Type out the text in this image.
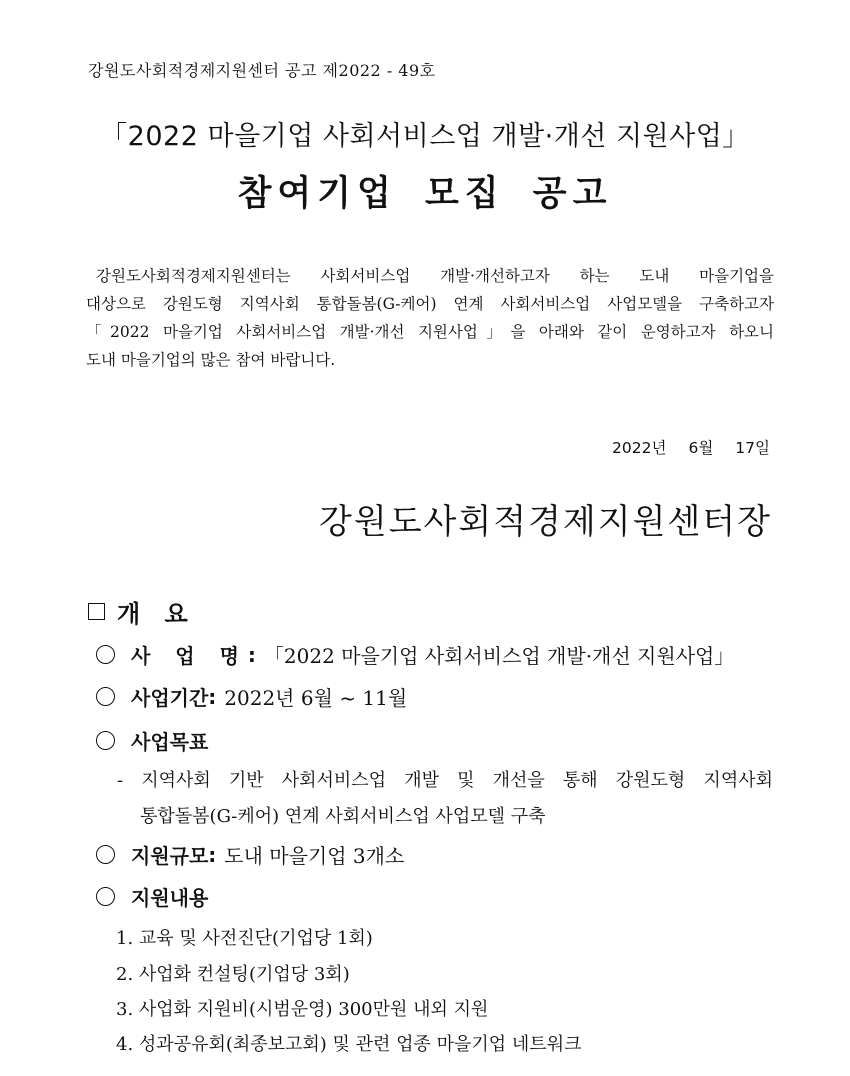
강원도사회적경제지원센터 공고 제2022 - 49호
「2022 마을기업 사회서비스업 개발·개선 지원사업」
참여기업 모집 공고

강원도사회적경제지원센터는 사회서비스업 개발·개선하고자 하는 도내 마을기업을

대상으로 강원도형 지역사회 통합돌봄(G-케어) 연계 사회서비스업 사업모델을 구축하고자

「2022 마을기업 사회서비스업 개발·개선 지원사업」을 아래와 같이 운영하고자 하오니

도내 마을기업의 많은 참여 바랍니다.

2022년 6월 17일
강원도사회적경제지원센터장
개 요
사 업 명 : 「2022 마을기업 사회서비스업 개발·개선 지원사업」
사업기간 : 2022년 6월 ~ 11월
사업목표
- 지역사회 기반 사회서비스업 개발 및 개선을 통해 강원도형 지역사회
통합돌봄(G-케어) 연계 사회서비스업 사업모델 구축
지원규모 : 도내 마을기업 3개소
지원내용
1. 교육 및 사전진단(기업당 1회)
2. 사업화 컨설팅(기업당 3회)
3. 사업화 지원비(시범운영) 300만원 내외 지원
4. 성과공유회(최종보고회) 및 관련 업종 마을기업 네트워크
